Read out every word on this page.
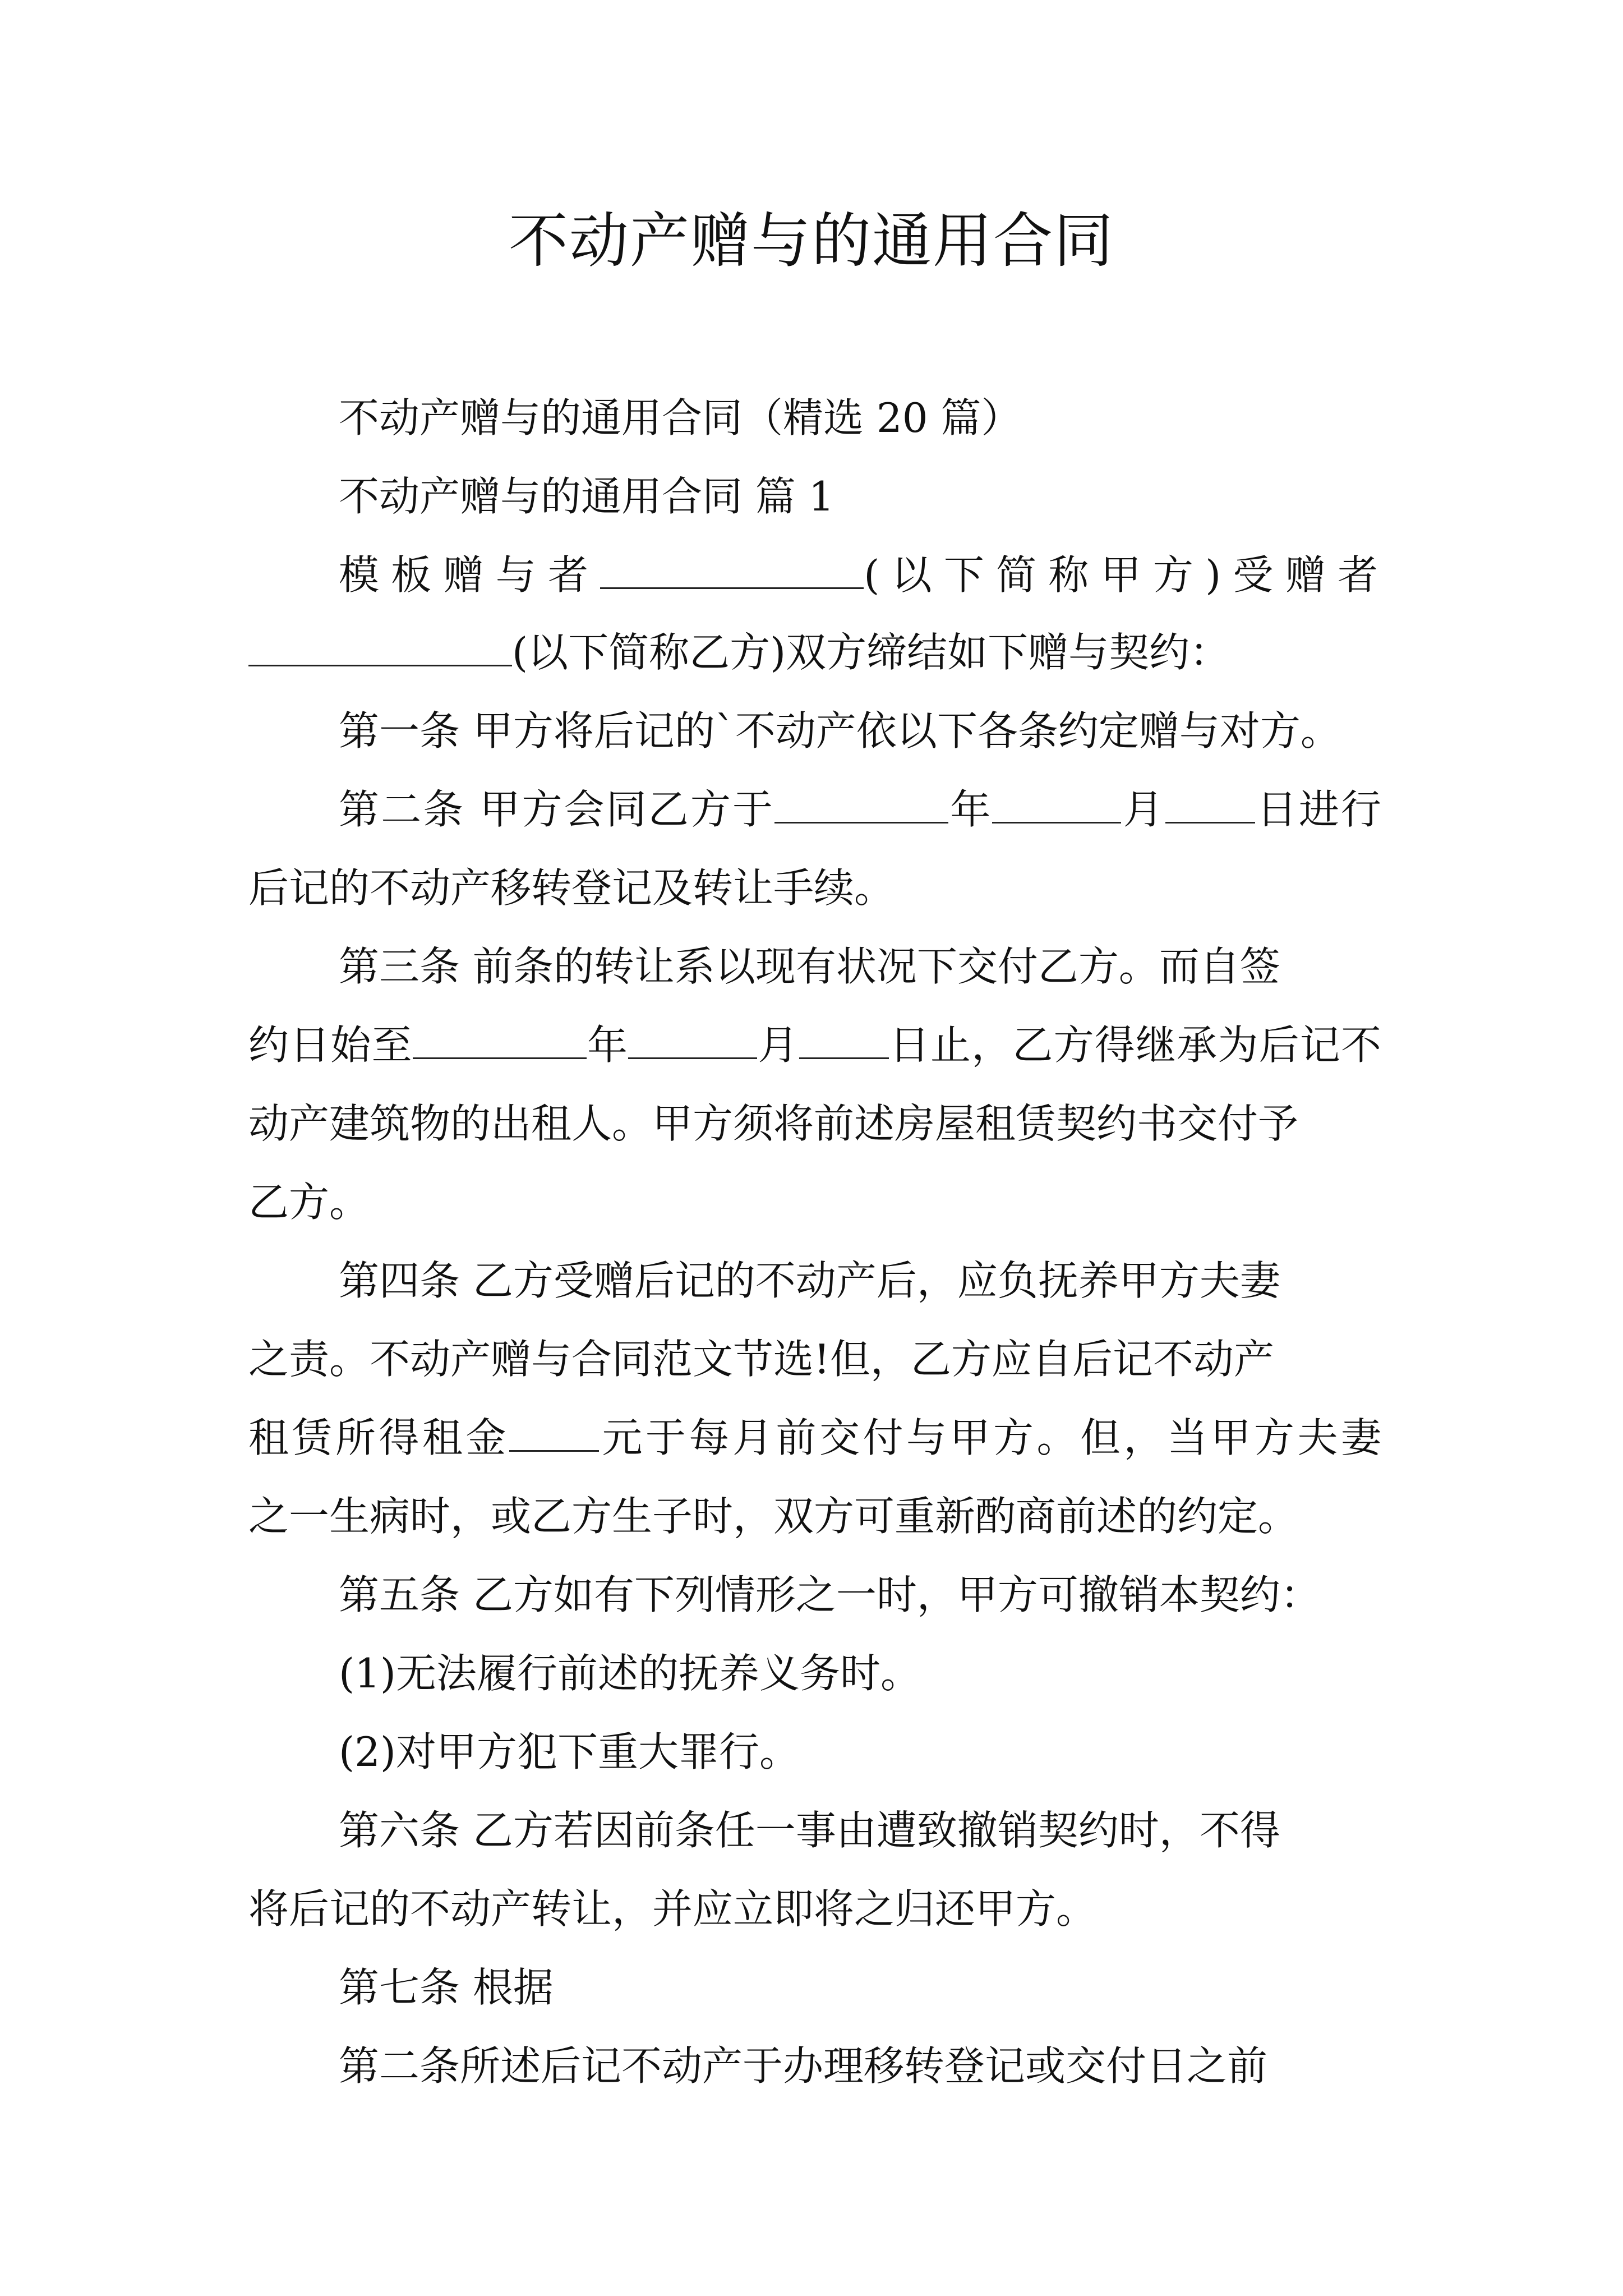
不动产赠与的通用合同
不动产赠与的通用合同（精选 20 篇）
不动产赠与的通用合同 篇 1
模板赠与者	(以下简称甲方)受赠者
(以下简称乙方)双方缔结如下赠与契约：
第一条 甲方将后记的`不动产依以下各条约定赠与对方。
第二条 甲方会同乙方于	年	月 日进行
后记的不动产移转登记及转让手续。
第三条 前条的转让系以现有状况下交付乙方。而自签
约日始至	年	月 日止，乙方得继承为后记不
动产建筑物的出租人。甲方须将前述房屋租赁契约书交付予
乙方。
第四条 乙方受赠后记的不动产后，应负抚养甲方夫妻
之责。不动产赠与合同范文节选!但，乙方应自后记不动产
租赁所得租金 元于每月前交付与甲方。但，当甲方夫妻
之一生病时，或乙方生子时，双方可重新酌商前述的约定。
第五条 乙方如有下列情形之一时，甲方可撤销本契约：
(1)无法履行前述的抚养义务时。
(2)对甲方犯下重大罪行。
第六条 乙方若因前条任一事由遭致撤销契约时，不得
将后记的不动产转让，并应立即将之归还甲方。
第七条 根据
第二条所述后记不动产于办理移转登记或交付日之前
